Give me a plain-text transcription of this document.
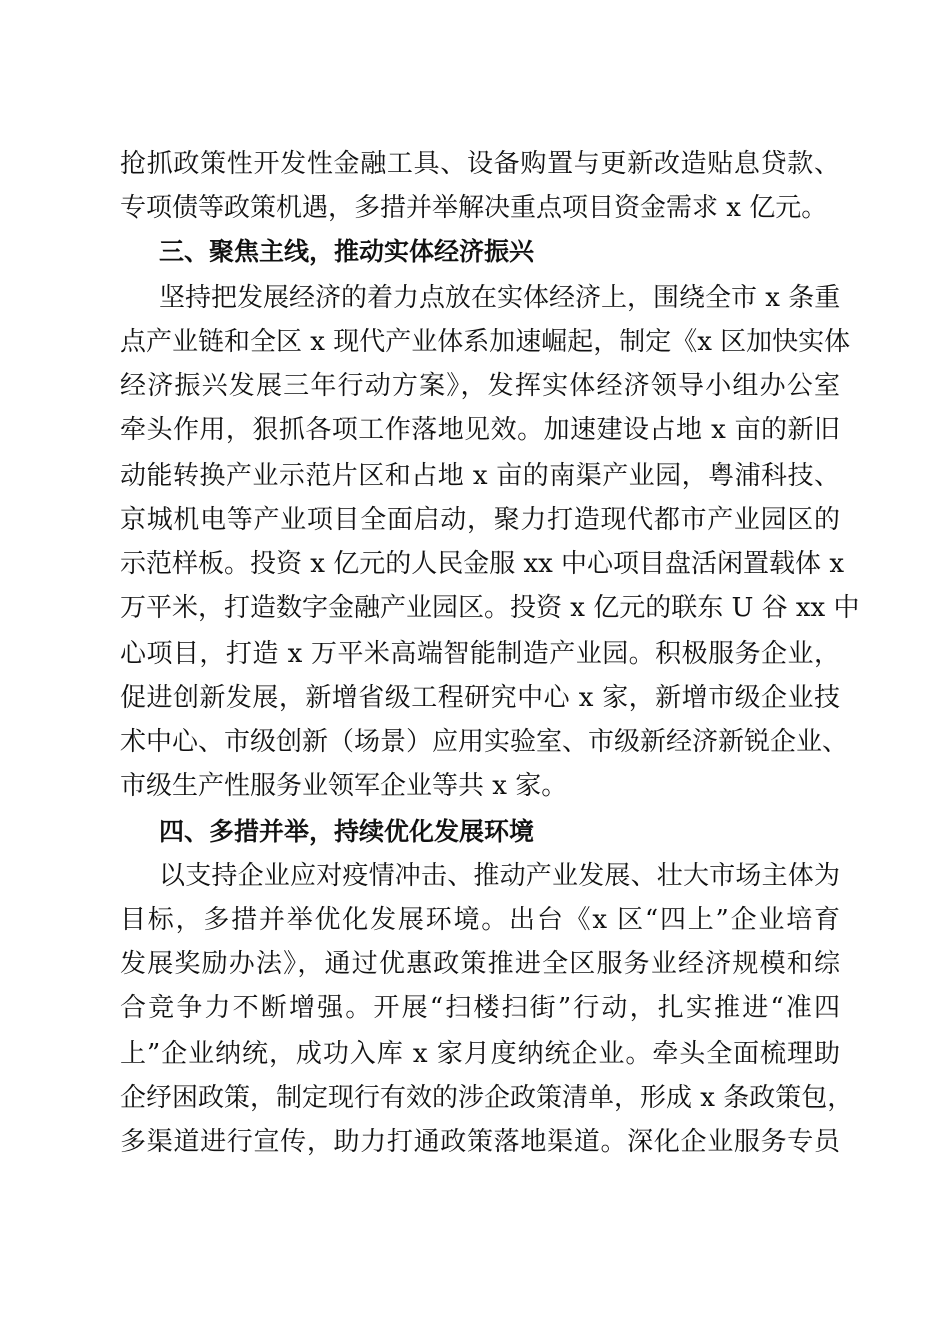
抢抓政策性开发性金融工具、设备购置与更新改造贴息贷款、
专项债等政策机遇，多措并举解决重点项目资金需求 x 亿元。
三、聚焦主线，推动实体经济振兴
坚持把发展经济的着力点放在实体经济上，围绕全市 x 条重
点产业链和全区 x 现代产业体系加速崛起，制定《x 区加快实体
经济振兴发展三年行动方案》，发挥实体经济领导小组办公室
牵头作用，狠抓各项工作落地见效。加速建设占地 x 亩的新旧
动能转换产业示范片区和占地 x 亩的南渠产业园，粤浦科技、
京城机电等产业项目全面启动，聚力打造现代都市产业园区的
示范样板。投资 x 亿元的人民金服 xx 中心项目盘活闲置载体 x
万平米，打造数字金融产业园区。投资 x 亿元的联东 U 谷 xx 中
心项目，打造 x 万平米高端智能制造产业园。积极服务企业，
促进创新发展，新增省级工程研究中心 x 家，新增市级企业技
术中心、市级创新（场景）应用实验室、市级新经济新锐企业、
市级生产性服务业领军企业等共 x 家。
四、多措并举，持续优化发展环境
以支持企业应对疫情冲击、推动产业发展、壮大市场主体为
目标，多措并举优化发展环境。出台《x 区“四上”企业培育
发展奖励办法》，通过优惠政策推进全区服务业经济规模和综
合竞争力不断增强。开展“扫楼扫街”行动，扎实推进“准四
上”企业纳统，成功入库 x 家月度纳统企业。牵头全面梳理助
企纾困政策，制定现行有效的涉企政策清单，形成 x 条政策包，
多渠道进行宣传，助力打通政策落地渠道。深化企业服务专员
